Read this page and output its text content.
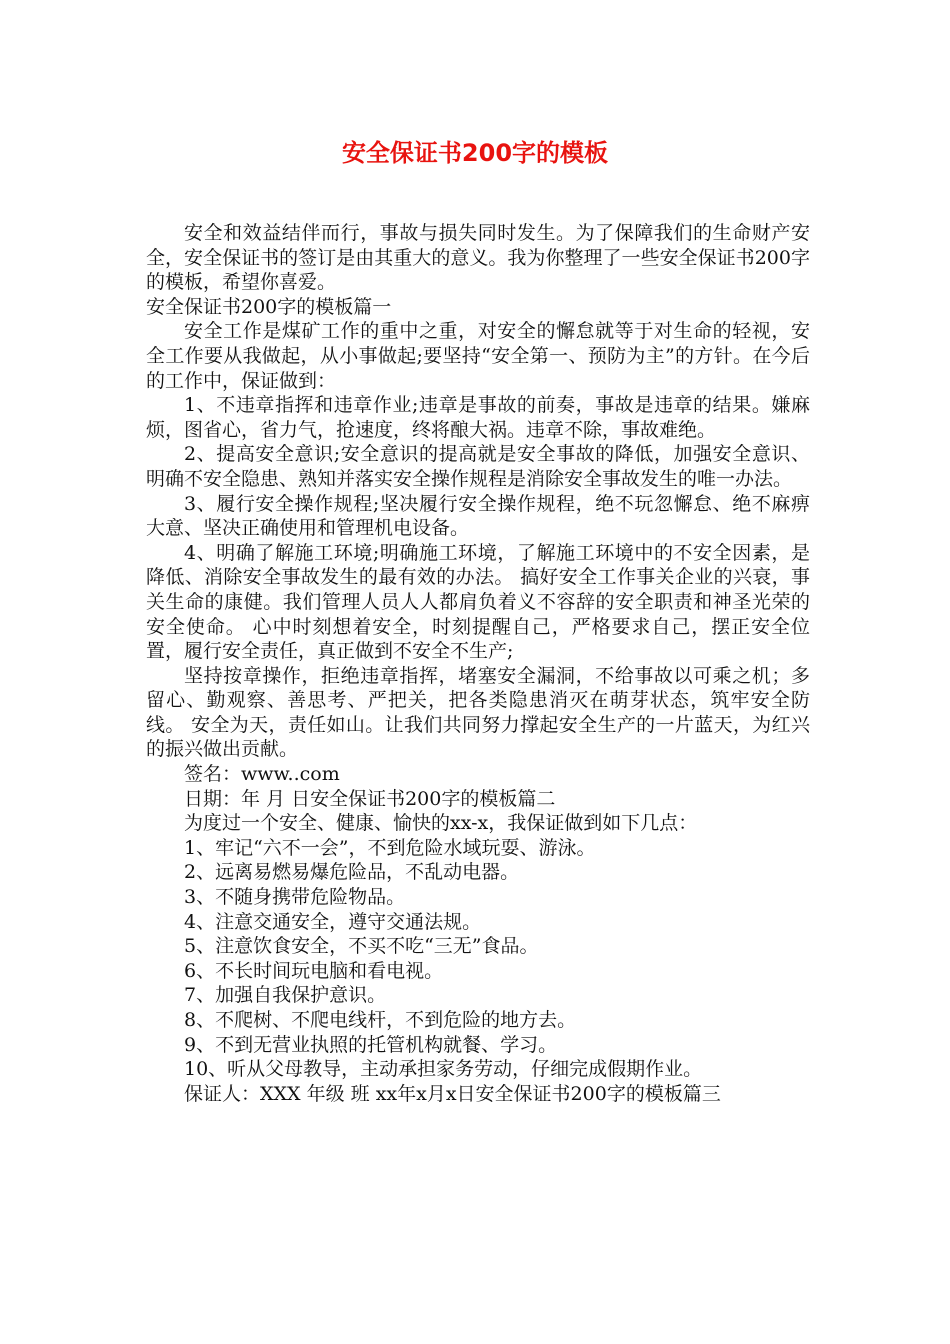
安全保证书200字的模板

安全和效益结伴而行，事故与损失同时发生。为了保障我们的生命财产安全，安全保证书的签订是由其重大的意义。我为你整理了一些安全保证书200字的模板，希望你喜爱。

安全保证书200字的模板篇一

安全工作是煤矿工作的重中之重，对安全的懈怠就等于对生命的轻视，安全工作要从我做起，从小事做起;要坚持“安全第一、预防为主”的方针。在今后的工作中，保证做到：

1、不违章指挥和违章作业;违章是事故的前奏，事故是违章的结果。嫌麻烦，图省心，省力气，抢速度，终将酿大祸。违章不除，事故难绝。

2、提高安全意识;安全意识的提高就是安全事故的降低，加强安全意识、明确不安全隐患、熟知并落实安全操作规程是消除安全事故发生的唯一办法。

3、履行安全操作规程;坚决履行安全操作规程，绝不玩忽懈怠、绝不麻痹大意、坚决正确使用和管理机电设备。

4、明确了解施工环境;明确施工环境，了解施工环境中的不安全因素，是降低、消除安全事故发生的最有效的办法。 搞好安全工作事关企业的兴衰，事关生命的康健。我们管理人员人人都肩负着义不容辞的安全职责和神圣光荣的安全使命。 心中时刻想着安全，时刻提醒自己，严格要求自己，摆正安全位置，履行安全责任，真正做到不安全不生产;

坚持按章操作，拒绝违章指挥，堵塞安全漏洞，不给事故以可乘之机；多留心、勤观察、善思考、严把关，把各类隐患消灭在萌芽状态，筑牢安全防线。 安全为天，责任如山。让我们共同努力撑起安全生产的一片蓝天，为红兴的振兴做出贡献。

签名：www..com

日期：年 月 日安全保证书200字的模板篇二

为度过一个安全、健康、愉快的xx-x，我保证做到如下几点：

1、牢记“六不一会”，不到危险水域玩耍、游泳。

2、远离易燃易爆危险品，不乱动电器。

3、不随身携带危险物品。

4、注意交通安全，遵守交通法规。

5、注意饮食安全，不买不吃“三无”食品。

6、不长时间玩电脑和看电视。

7、加强自我保护意识。

8、不爬树、不爬电线杆，不到危险的地方去。

9、不到无营业执照的托管机构就餐、学习。

10、听从父母教导，主动承担家务劳动，仔细完成假期作业。

保证人：XXX 年级 班 xx年x月x日安全保证书200字的模板篇三
